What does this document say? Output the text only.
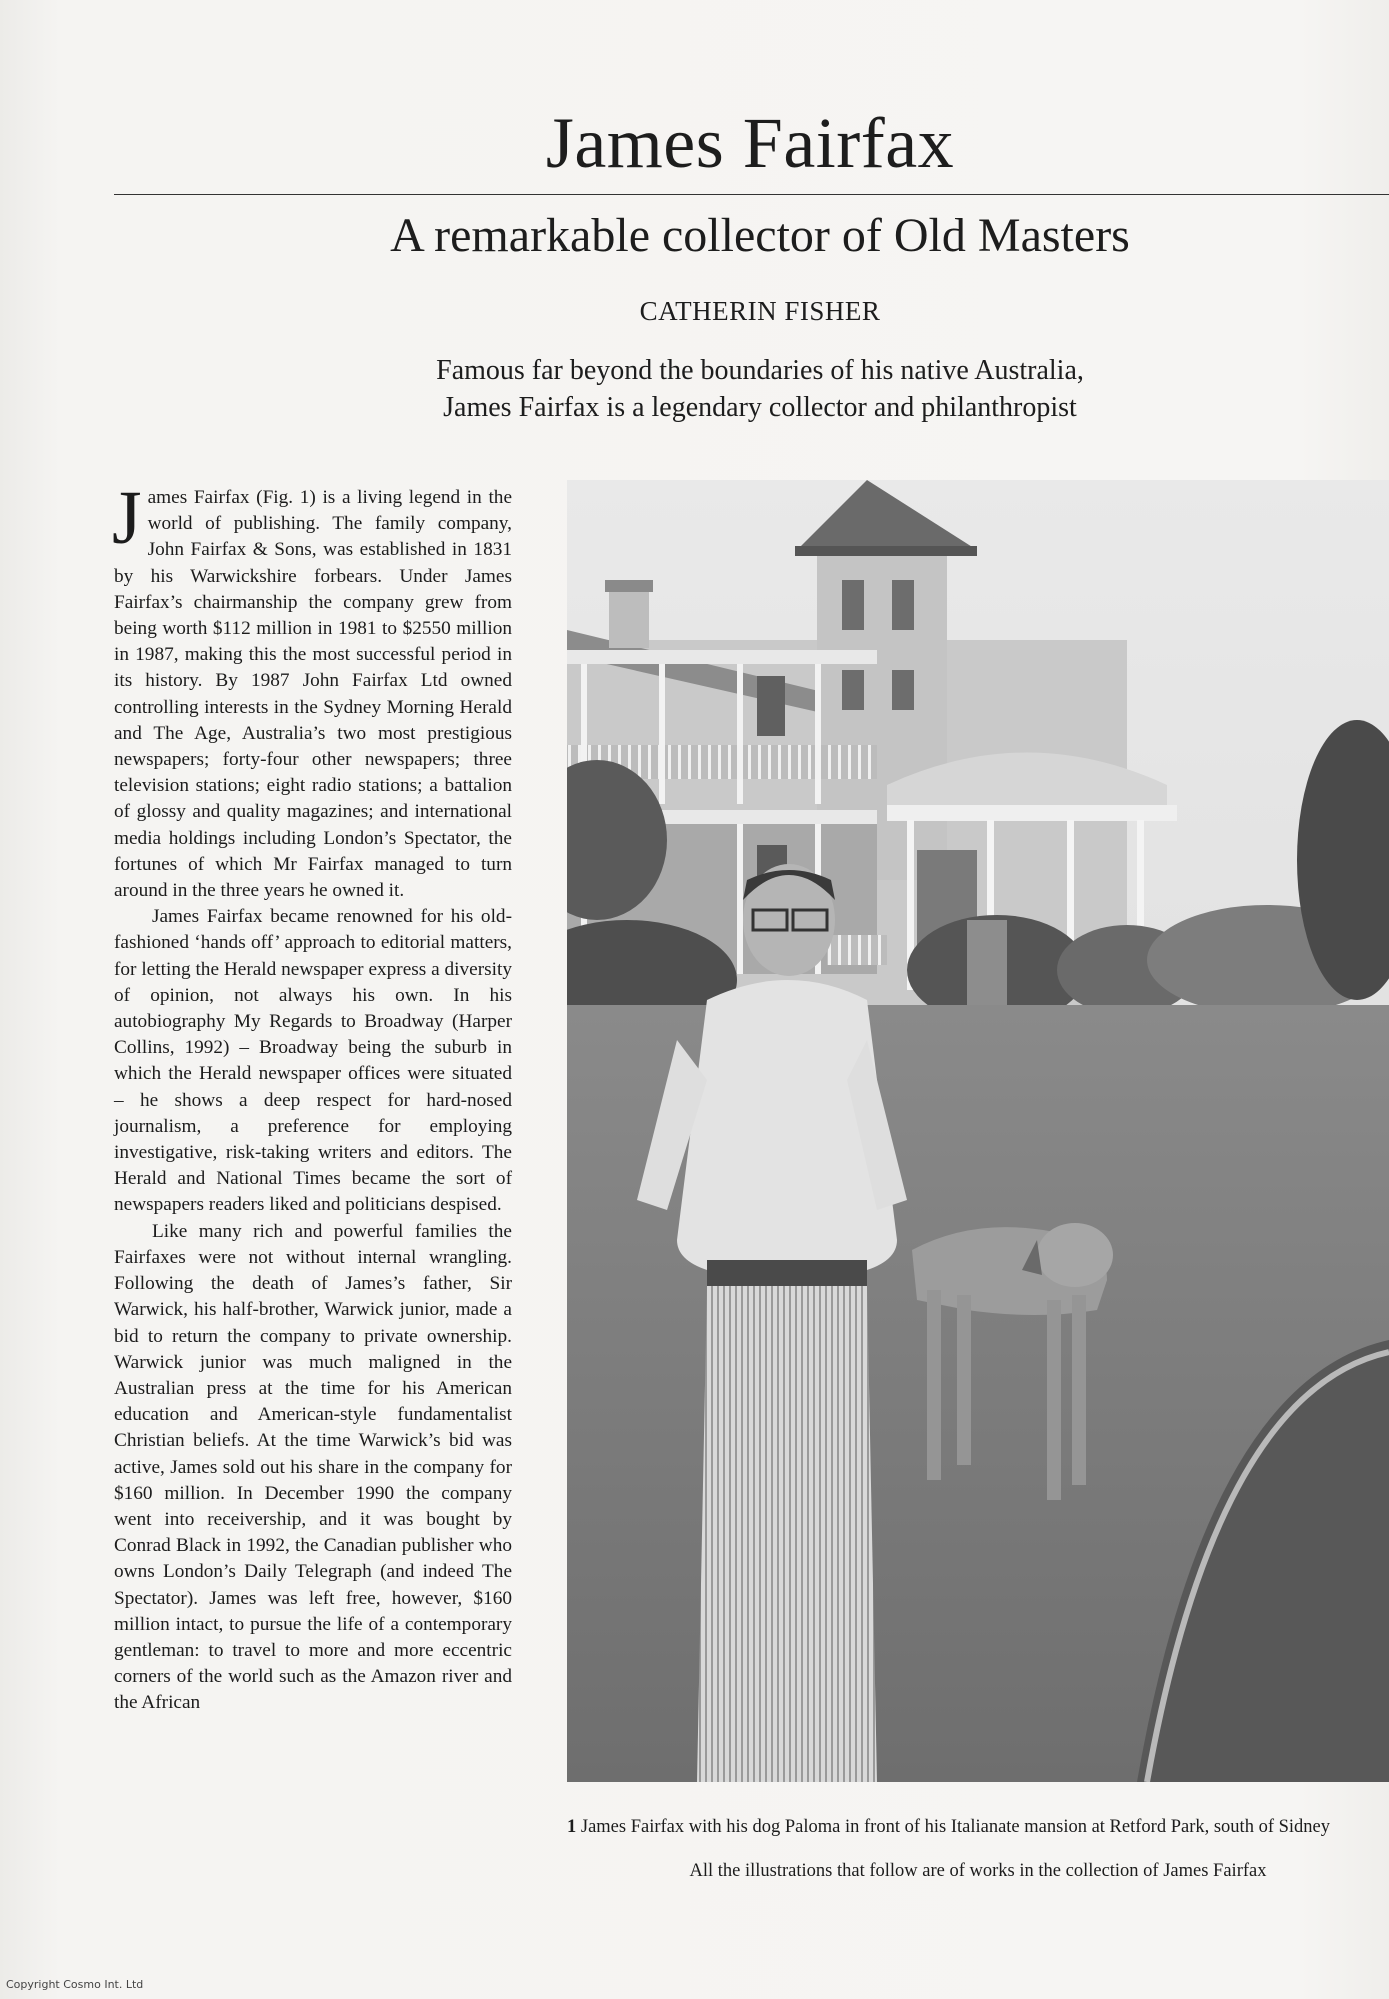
James Fairfax
A remarkable collector of Old Masters
CATHERIN FISHER
Famous far beyond the boundaries of his native Australia,
James Fairfax is a legendary collector and philanthropist

James Fairfax (Fig. 1) is a living legend in the world of publishing. The family company, John Fairfax & Sons, was established in 1831 by his Warwickshire forbears. Under James Fairfax’s chairmanship the company grew from being worth $112 million in 1981 to $2550 million in 1987, making this the most successful period in its history. By 1987 John Fairfax Ltd owned controlling interests in the Sydney Morning Herald and The Age, Australia’s two most prestigious newspapers; forty-four other newspapers; three television stations; eight radio stations; a battalion of glossy and quality magazines; and international media holdings including London’s Spectator, the fortunes of which Mr Fairfax managed to turn around in the three years he owned it.

James Fairfax became renowned for his old-fashioned ‘hands off’ approach to editorial matters, for letting the Herald newspaper express a diversity of opinion, not always his own. In his autobiography My Regards to Broadway (Harper Collins, 1992) – Broadway being the suburb in which the Herald newspaper offices were situated – he shows a deep respect for hard-nosed journalism, a preference for employing investigative, risk-taking writers and editors. The Herald and National Times became the sort of newspapers readers liked and politicians despised.

Like many rich and powerful families the Fairfaxes were not without internal wrangling. Following the death of James’s father, Sir Warwick, his half-brother, Warwick junior, made a bid to return the company to private ownership. Warwick junior was much maligned in the Australian press at the time for his American education and American-style fundamentalist Christian beliefs. At the time Warwick’s bid was active, James sold out his share in the company for $160 million. In December 1990 the company went into receivership, and it was bought by Conrad Black in 1992, the Canadian publisher who owns London’s Daily Telegraph (and indeed The Spectator). James was left free, however, $160 million intact, to pursue the life of a contemporary gentleman: to travel to more and more eccentric corners of the world such as the Amazon river and the African

1 James Fairfax with his dog Paloma in front of his Italianate mansion at Retford Park, south of Sidney
All the illustrations that follow are of works in the collection of James Fairfax
Copyright Cosmo Int. Ltd
